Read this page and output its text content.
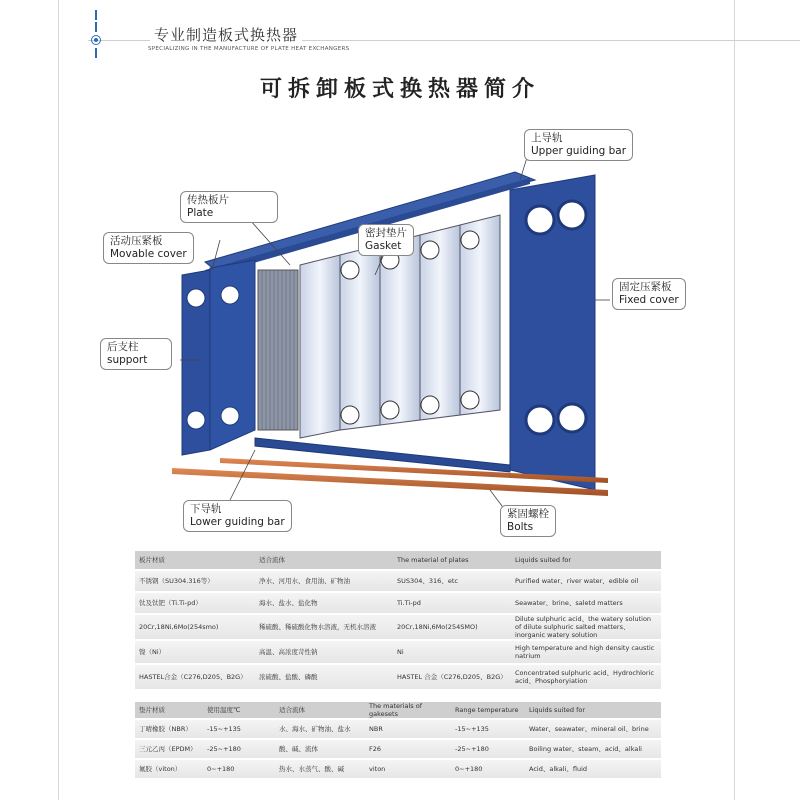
专业制造板式换热器
SPECIALIZING IN THE MANUFACTURE OF PLATE HEAT EXCHANGERS
可拆卸板式换热器简介
上导轨
Upper guiding bar
传热板片
Plate
密封垫片
Gasket
活动压紧板
Movable cover
固定压紧板
Fixed cover
后支柱
support
下导轨
Lower guiding bar
紧固螺栓
Bolts
板片材质	适合流体	The material of plates	Liquids suited for

不锈钢（SU304.316等）	净水、河用水、食用油、矿物油	SUS304、316、etc	Purified water、river water、edible oil

钛及钛钯（Ti.Ti-pd）	海水、盐水、盐化物	Ti.Ti-pd	Seawater、brine、saletd matters

20Cr,18Ni,6Mo(254smo)	稀硫酸、稀硫酸化物水溶液，无机水溶液	20Cr,18Ni,6Mo(254SMO)	Dilute sulphuric acid、the watery solution of dilute sulphuric salted matters、inorganic watery solution

镍（Ni）	高温、高浓度苛性钠	Ni	High temperature and high density caustic natrium

HASTEL合金（C276,D205、B2G）	浓硫酸、盐酸、磷酸	HASTEL 合金（C276,D205、B2G）	Concentrated sulphuric acid、Hydrochloric acid、Phosphoryiation
垫片材质	使用温度℃	适合流体	The materials of gakesets	Range temperature	Liquids suited for

丁晴橡胶（NBR）	-15~+135	水、海水、矿物油、盐水	NBR	-15~+135	Water、seawater、mineral oil、brine

三元乙丙（EPDM）	-25~+180	酸、碱、流体	F26	-25~+180	Boiling water、steam、acid、alkali

氟胶（viton）	0~+180	热水、水蒸气、酸、碱	viton	0~+180	Acid、alkali、fluid
